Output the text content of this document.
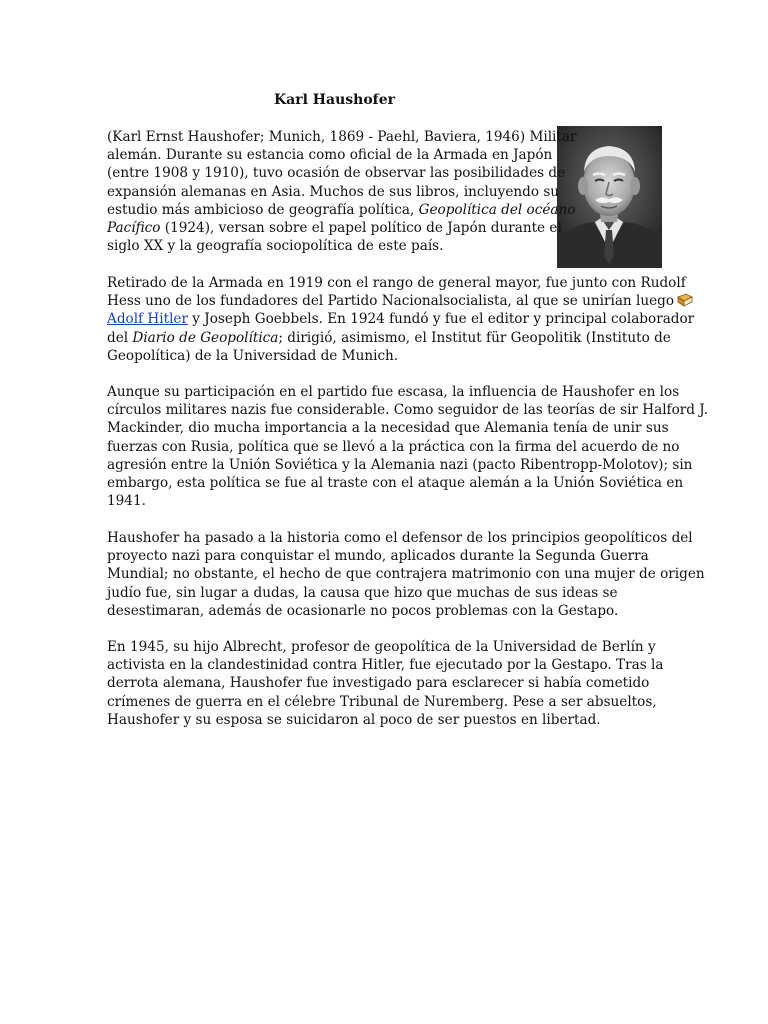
Karl Haushofer

(Karl Ernst Haushofer; Munich, 1869 - Paehl, Baviera, 1946) Militar
alemán. Durante su estancia como oficial de la Armada en Japón
(entre 1908 y 1910), tuvo ocasión de observar las posibilidades de
expansión alemanas en Asia. Muchos de sus libros, incluyendo su
estudio más ambicioso de geografía política, Geopolítica del océano
Pacífico (1924), versan sobre el papel político de Japón durante el
siglo XX y la geografía sociopolítica de este país.

Retirado de la Armada en 1919 con el rango de general mayor, fue junto con Rudolf
Hess uno de los fundadores del Partido Nacionalsocialista, al que se unirían luego
Adolf Hitler y Joseph Goebbels. En 1924 fundó y fue el editor y principal colaborador
del Diario de Geopolítica; dirigió, asimismo, el Institut für Geopolitik (Instituto de
Geopolítica) de la Universidad de Munich.

Aunque su participación en el partido fue escasa, la influencia de Haushofer en los
círculos militares nazis fue considerable. Como seguidor de las teorías de sir Halford J.
Mackinder, dio mucha importancia a la necesidad que Alemania tenía de unir sus
fuerzas con Rusia, política que se llevó a la práctica con la firma del acuerdo de no
agresión entre la Unión Soviética y la Alemania nazi (pacto Ribentropp-Molotov); sin
embargo, esta política se fue al traste con el ataque alemán a la Unión Soviética en
1941.

Haushofer ha pasado a la historia como el defensor de los principios geopolíticos del
proyecto nazi para conquistar el mundo, aplicados durante la Segunda Guerra
Mundial; no obstante, el hecho de que contrajera matrimonio con una mujer de origen
judío fue, sin lugar a dudas, la causa que hizo que muchas de sus ideas se
desestimaran, además de ocasionarle no pocos problemas con la Gestapo.

En 1945, su hijo Albrecht, profesor de geopolítica de la Universidad de Berlín y
activista en la clandestinidad contra Hitler, fue ejecutado por la Gestapo. Tras la
derrota alemana, Haushofer fue investigado para esclarecer si había cometido
crímenes de guerra en el célebre Tribunal de Nuremberg. Pese a ser absueltos,
Haushofer y su esposa se suicidaron al poco de ser puestos en libertad.
